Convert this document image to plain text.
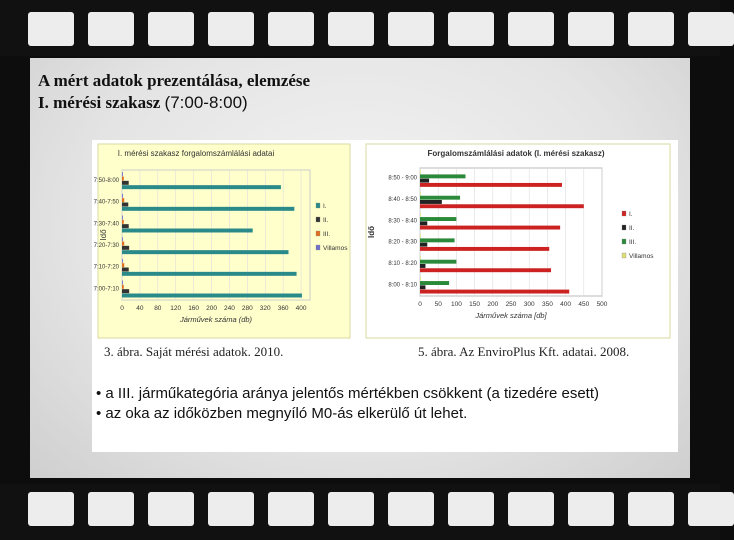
A mért adatok prezentálása, elemzése
I. mérési szakasz (7:00-8:00)
I. mérési szakasz forgalomszámlálási adatai
0 40 80 120 160 200 240 280 320 360 400
Járművek száma (db)
Idő
7:00-7:10
7:10-7:20
7:20-7:30
7:30-7:40
7:40-7:50
7:50-8:00
I.
II.
III.
Villamos
Forgalomszámlálási adatok (I. mérési szakasz)
0 50 100 150 200 250 300 350 400 450 500
Járművek száma [db]
Idő
8:00 - 8:10
8:10 - 8:20
8:20 - 8:30
8:30 - 8:40
8:40 - 8:50
8:50 - 9:00
I.
II.
III.
Villamos
3. ábra. Saját mérési adatok. 2010.	5. ábra. Az EnviroPlus Kft. adatai. 2008.
• a III. járműkategória aránya jelentős mértékben csökkent (a tizedére esett)
• az oka az időközben megnyíló M0-ás elkerülő út lehet.
